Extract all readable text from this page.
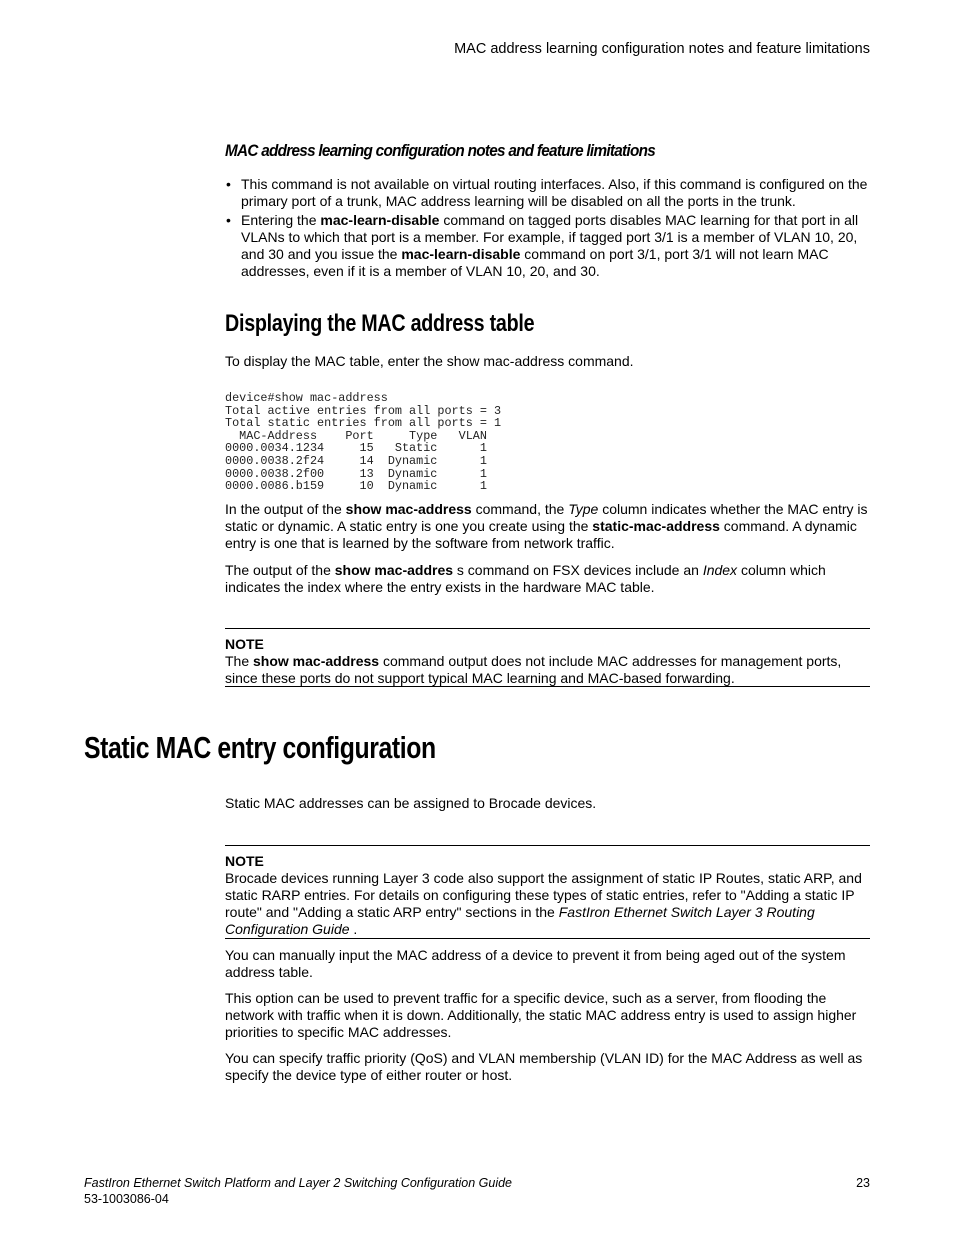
MAC address learning configuration notes and feature limitations
MAC address learning configuration notes and feature limitations
• This command is not available on virtual routing interfaces. Also, if this command is configured on the primary port of a trunk, MAC address learning will be disabled on all the ports in the trunk.
• Entering the mac-learn-disable command on tagged ports disables MAC learning for that port in all VLANs to which that port is a member. For example, if tagged port 3/1 is a member of VLAN 10, 20, and 30 and you issue the mac-learn-disable command on port 3/1, port 3/1 will not learn MAC addresses, even if it is a member of VLAN 10, 20, and 30.
Displaying the MAC address table

To display the MAC table, enter the show mac-address command.

device#show mac-address
Total active entries from all ports = 3
Total static entries from all ports = 1
MAC-Address    Port     Type   VLAN
0000.0034.1234     15   Static      1
0000.0038.2f24     14  Dynamic      1
0000.0038.2f00     13  Dynamic      1
0000.0086.b159     10  Dynamic      1

In the output of the show mac-address command, the Type column indicates whether the MAC entry is static or dynamic. A static entry is one you create using the static-mac-address command. A dynamic entry is one that is learned by the software from network traffic.

The output of the show mac-addres s command on FSX devices include an Index column which indicates the index where the entry exists in the hardware MAC table.

NOTE
The show mac-address command output does not include MAC addresses for management ports, since these ports do not support typical MAC learning and MAC-based forwarding.
Static MAC entry configuration

Static MAC addresses can be assigned to Brocade devices.

NOTE
Brocade devices running Layer 3 code also support the assignment of static IP Routes, static ARP, and static RARP entries. For details on configuring these types of static entries, refer to "Adding a static IP route" and "Adding a static ARP entry" sections in the FastIron Ethernet Switch Layer 3 Routing Configuration Guide .

You can manually input the MAC address of a device to prevent it from being aged out of the system address table.

This option can be used to prevent traffic for a specific device, such as a server, from flooding the network with traffic when it is down. Additionally, the static MAC address entry is used to assign higher priorities to specific MAC addresses.

You can specify traffic priority (QoS) and VLAN membership (VLAN ID) for the MAC Address as well as specify the device type of either router or host.

FastIron Ethernet Switch Platform and Layer 2 Switching Configuration Guide
53-1003086-04
23
